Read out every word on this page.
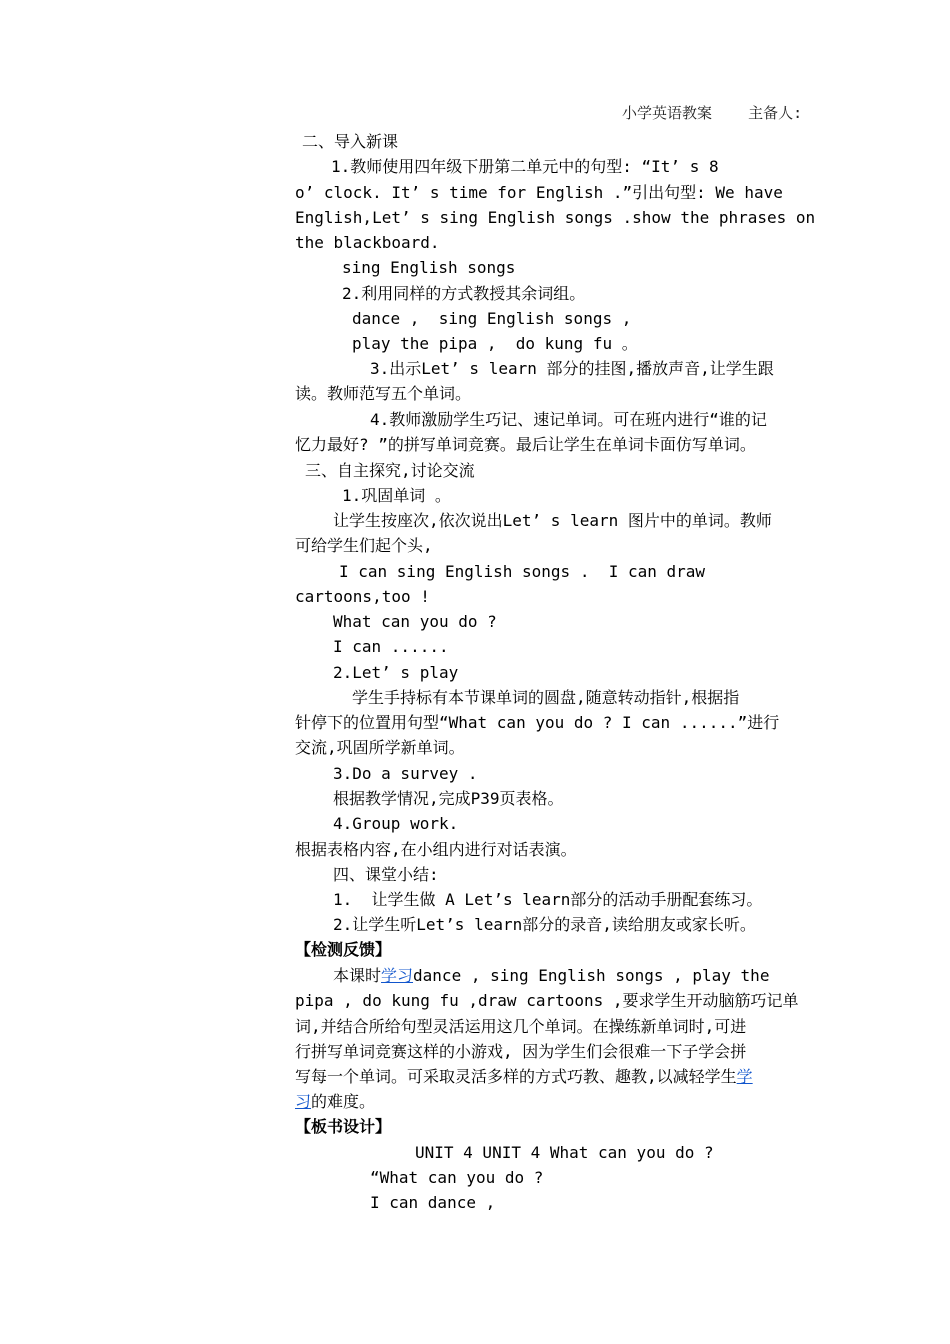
小学英语教案    主备人:
二、导入新课
1.教师使用四年级下册第二单元中的句型: “It’ s 8
o’ clock. It’ s time for English .”引出句型: We have
English,Let’ s sing English songs .show the phrases on
the blackboard.
sing English songs
2.利用同样的方式教授其余词组。
dance ,  sing English songs ,
play the pipa ,  do kung fu 。
3.出示Let’ s learn 部分的挂图,播放声音,让学生跟
读。教师范写五个单词。
4.教师激励学生巧记、速记单词。可在班内进行“谁的记
忆力最好? ”的拼写单词竞赛。最后让学生在单词卡面仿写单词。
三、自主探究,讨论交流
1.巩固单词 。
让学生按座次,依次说出Let’ s learn 图片中的单词。教师
可给学生们起个头,
I can sing English songs .  I can draw
cartoons,too !
What can you do ?
I can ......
2.Let’ s play
学生手持标有本节课单词的圆盘,随意转动指针,根据指
针停下的位置用句型“What can you do ? I can ......”进行
交流,巩固所学新单词。
3.Do a survey .
根据教学情况,完成P39页表格。
4.Group work.
根据表格内容,在小组内进行对话表演。
四、课堂小结:
1.  让学生做 A Let’s learn部分的活动手册配套练习。
2.让学生听Let’s learn部分的录音,读给朋友或家长听。
【检测反馈】
本课时学习dance , sing English songs , play the
pipa , do kung fu ,draw cartoons ,要求学生开动脑筋巧记单
词,并结合所给句型灵活运用这几个单词。在操练新单词时,可进
行拼写单词竞赛这样的小游戏, 因为学生们会很难一下子学会拼
写每一个单词。可采取灵活多样的方式巧教、趣教,以减轻学生学
习的难度。
【板书设计】
UNIT 4 UNIT 4 What can you do ?
“What can you do ?
I can dance ,
